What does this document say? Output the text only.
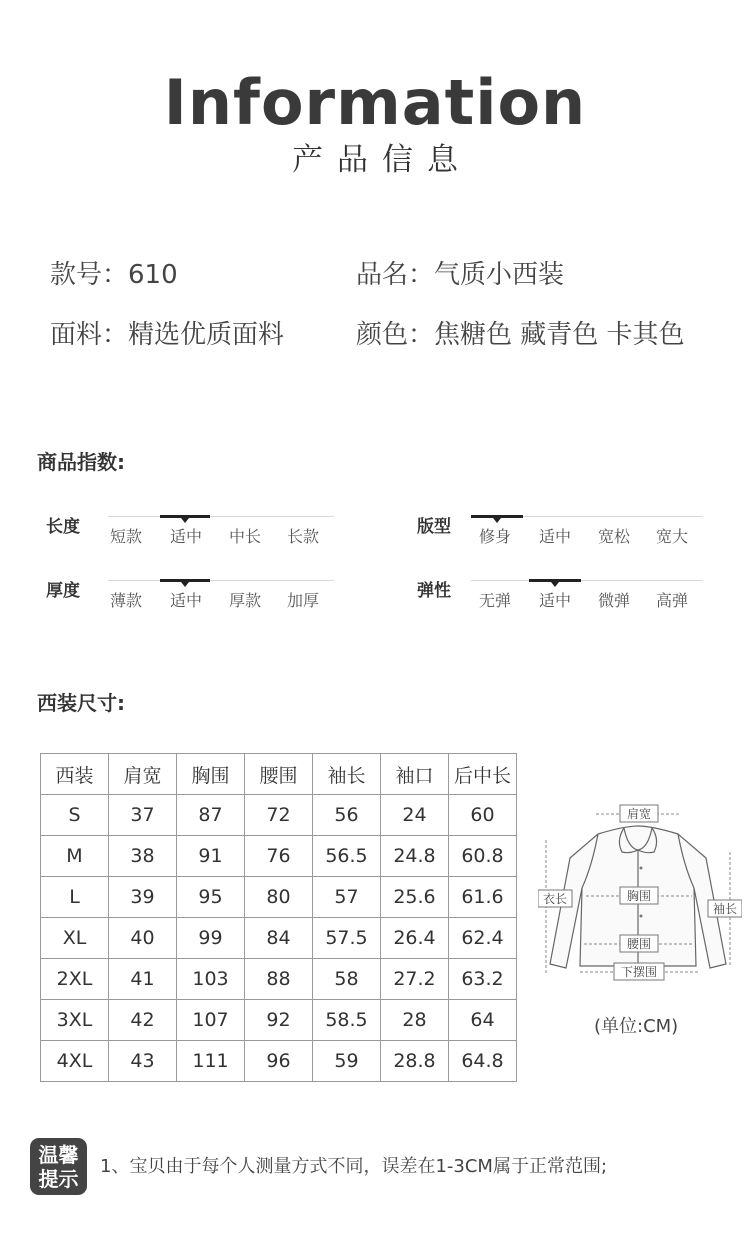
Information
产品信息
款号：610	品名：气质小西装
面料：精选优质面料	颜色：焦糖色 藏青色 卡其色
商品指数:
长度	短款	适中	中长	长款	版型	修身	适中	宽松	宽大
厚度	薄款	适中	厚款	加厚	弹性	无弹	适中	微弹	高弹
西装尺寸:
西装	肩宽	胸围	腰围	袖长	袖口	后中长
S	37	87	72	56	24	60
M	38	91	76	56.5	24.8	60.8
L	39	95	80	57	25.6	61.6
XL	40	99	84	57.5	26.4	62.4
2XL	41	103	88	58	27.2	63.2
3XL	42	107	92	58.5	28	64
4XL	43	111	96	59	28.8	64.8
肩宽
衣长	胸围
袖长
腰围
下摆围
(单位:CM)
温馨
提示	1、宝贝由于每个人测量方式不同，误差在1-3CM属于正常范围;
